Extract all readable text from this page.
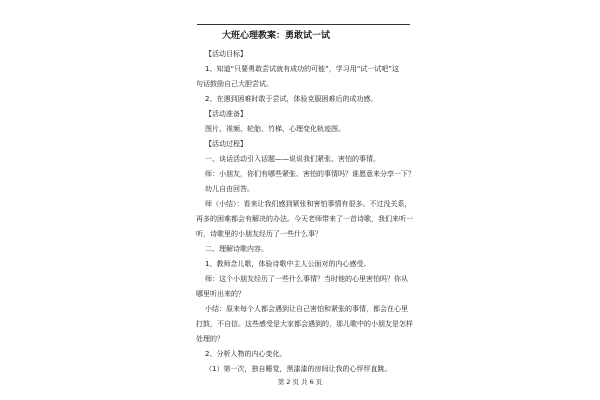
大班心理教案：勇敢试一试
【活动目标】
1、知道“只要勇敢尝试就有成功的可能”，学习用“试一试吧”这
句话鼓励自己大胆尝试。
2、在遇到困难时敢于尝试，体验克服困难后的成功感。
【活动准备】
图片、视频、轮胎、竹梯、心理变化轨迹图。
【活动过程】
一、谈话活动引入话题——说说我们紧张、害怕的事情。
师：小朋友，你们有哪些紧张、害怕的事情吗？谁愿意来分享一下？
幼儿自由回答。
师（小结）：看来让我们感到紧张和害怕事情有很多。不过没关系，
再多的困难都会有解决的办法。今天老师带来了一首诗歌，我们来听一
听，诗歌里的小朋友经历了一些什么事？
二、理解诗歌内容。
1、教师念儿歌，体验诗歌中主人公面对的内心感受。
师：这个小朋友经历了一些什么事情？当时他的心里害怕吗？你从
哪里听出来的？
小结：原来每个人都会遇到让自己害怕和紧张的事情，都会在心里
打鼓，不自信。这些感受是大家都会遇到的，那儿歌中的小朋友是怎样
处理的？
第 2 页 共 6 页
2、分析人物的内心变化。
（1）第一次，独自睡觉，黑漆漆的房间让我的心怦怦直跳。
